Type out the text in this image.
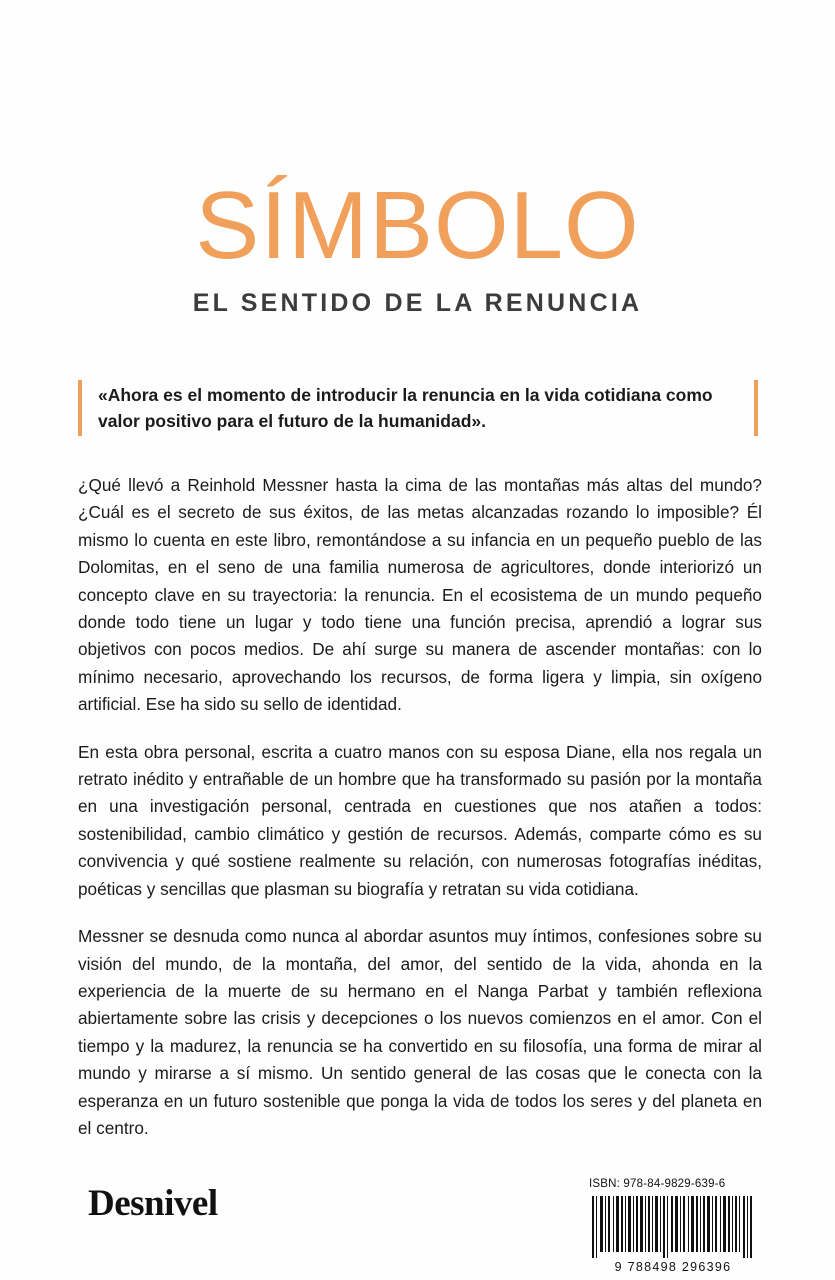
SÍMBOLO
EL SENTIDO DE LA RENUNCIA
«Ahora es el momento de introducir la renuncia en la vida cotidiana como valor positivo para el futuro de la humanidad».

¿Qué llevó a Reinhold Messner hasta la cima de las montañas más altas del mundo? ¿Cuál es el secreto de sus éxitos, de las metas alcanzadas rozando lo imposible? Él mismo lo cuenta en este libro, remontándose a su infancia en un pequeño pueblo de las Dolomitas, en el seno de una familia numerosa de agricultores, donde interiorizó un concepto clave en su trayectoria: la renuncia. En el ecosistema de un mundo pequeño donde todo tiene un lugar y todo tiene una función precisa, aprendió a lograr sus objetivos con pocos medios. De ahí surge su manera de ascender montañas: con lo mínimo necesario, aprovechando los recursos, de forma ligera y limpia, sin oxígeno artificial. Ese ha sido su sello de identidad.

En esta obra personal, escrita a cuatro manos con su esposa Diane, ella nos regala un retrato inédito y entrañable de un hombre que ha transformado su pasión por la montaña en una investigación personal, centrada en cuestiones que nos atañen a todos: sostenibilidad, cambio climático y gestión de recursos. Además, comparte cómo es su convivencia y qué sostiene realmente su relación, con numerosas fotografías inéditas, poéticas y sencillas que plasman su biografía y retratan su vida cotidiana.

Messner se desnuda como nunca al abordar asuntos muy íntimos, confesiones sobre su visión del mundo, de la montaña, del amor, del sentido de la vida, ahonda en la experiencia de la muerte de su hermano en el Nanga Parbat y también reflexiona abiertamente sobre las crisis y decepciones o los nuevos comienzos en el amor. Con el tiempo y la madurez, la renuncia se ha convertido en su filosofía, una forma de mirar al mundo y mirarse a sí mismo. Un sentido general de las cosas que le conecta con la esperanza en un futuro sostenible que ponga la vida de todos los seres y del planeta en el centro.

Desnivel	ISBN: 978-84-9829-639-6
9 788498 296396
